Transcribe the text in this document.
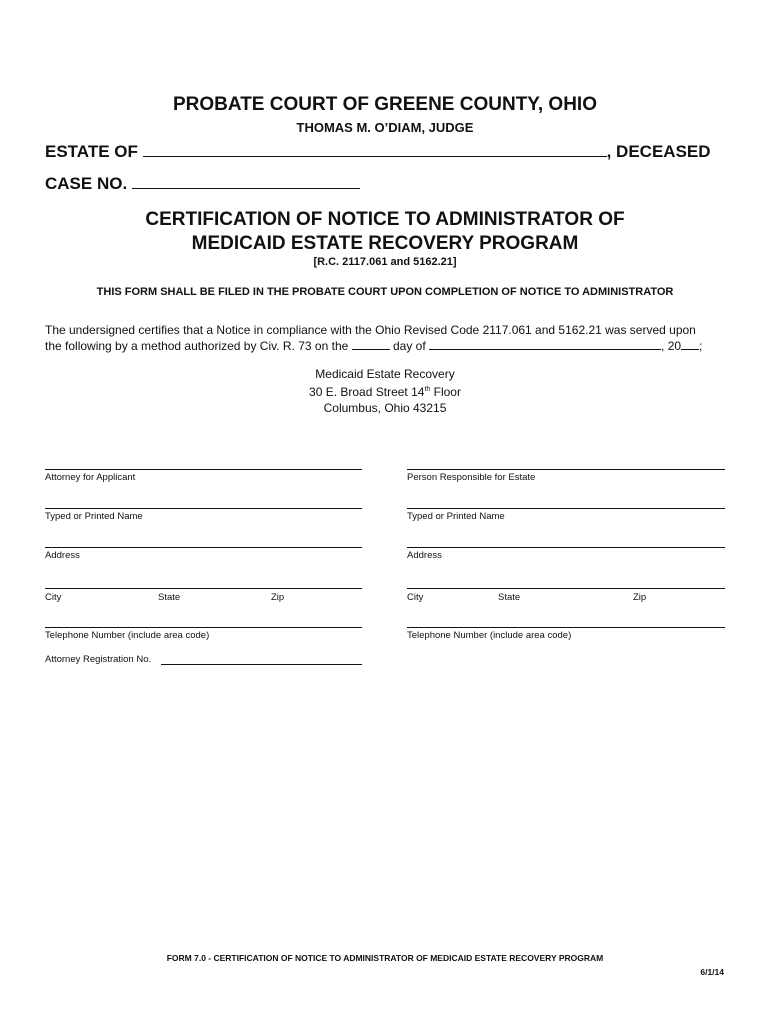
PROBATE COURT OF GREENE COUNTY, OHIO
THOMAS M. O’DIAM, JUDGE
ESTATE OF	, DECEASED
CASE NO.
CERTIFICATION OF NOTICE TO ADMINISTRATOR OF
MEDICAID ESTATE RECOVERY PROGRAM
[R.C. 2117.061 and 5162.21]
THIS FORM SHALL BE FILED IN THE PROBATE COURT UPON COMPLETION OF NOTICE TO ADMINISTRATOR
The undersigned certifies that a Notice in compliance with the Ohio Revised Code 2117.061 and 5162.21 was served upon
the following by a method authorized by Civ. R. 73 on the	day of	, 20 ;
Medicaid Estate Recovery
30 E. Broad Street 14th Floor
Columbus, Ohio 43215
Attorney for Applicant
Typed or Printed Name
Address
City	State	Zip
Telephone Number (include area code)
Attorney Registration No.
Person Responsible for Estate
Typed or Printed Name
Address
City	State	Zip
Telephone Number (include area code)
FORM 7.0 - CERTIFICATION OF NOTICE TO ADMINISTRATOR OF MEDICAID ESTATE RECOVERY PROGRAM
6/1/14
